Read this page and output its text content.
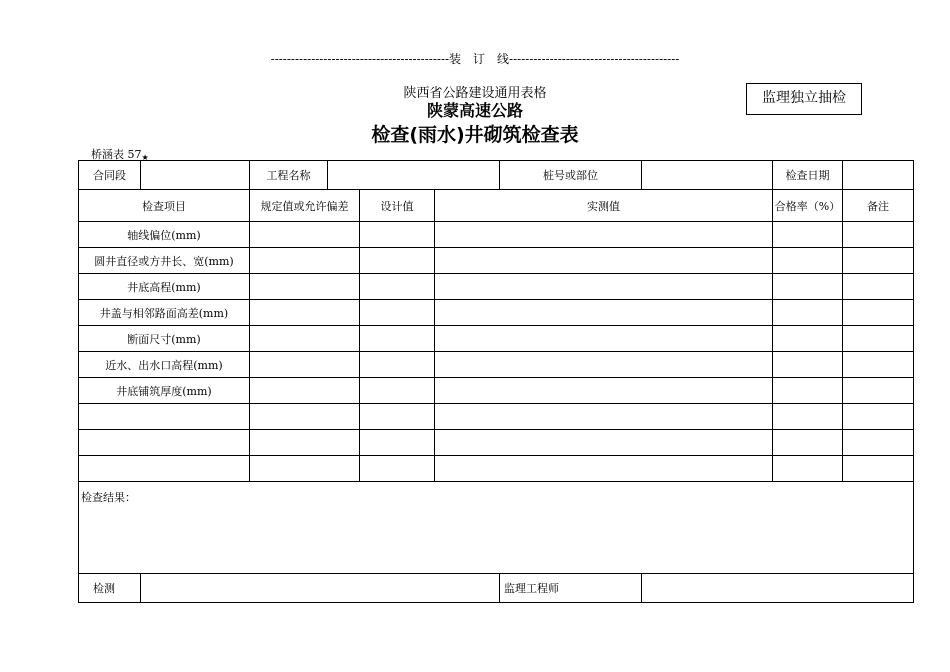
--------------------------------------------装　订　线------------------------------------------
陕西省公路建设通用表格
陕蒙高速公路
检查(雨水)井砌筑检查表
监理独立抽检
桥涵表 57★
合同段		工程名称				桩号或部位		检查日期	
检查项目		规定值或允许偏差		设计值	实测值			合格率（%）	备注
轴线偏位(mm)									
圆井直径或方井长、宽(mm)									
井底高程(mm)									
井盖与相邻路面高差(mm)									
断面尺寸(mm)									
近水、出水口高程(mm)									
井底铺筑厚度(mm)									

检查结果：									
检测						监理工程师			
